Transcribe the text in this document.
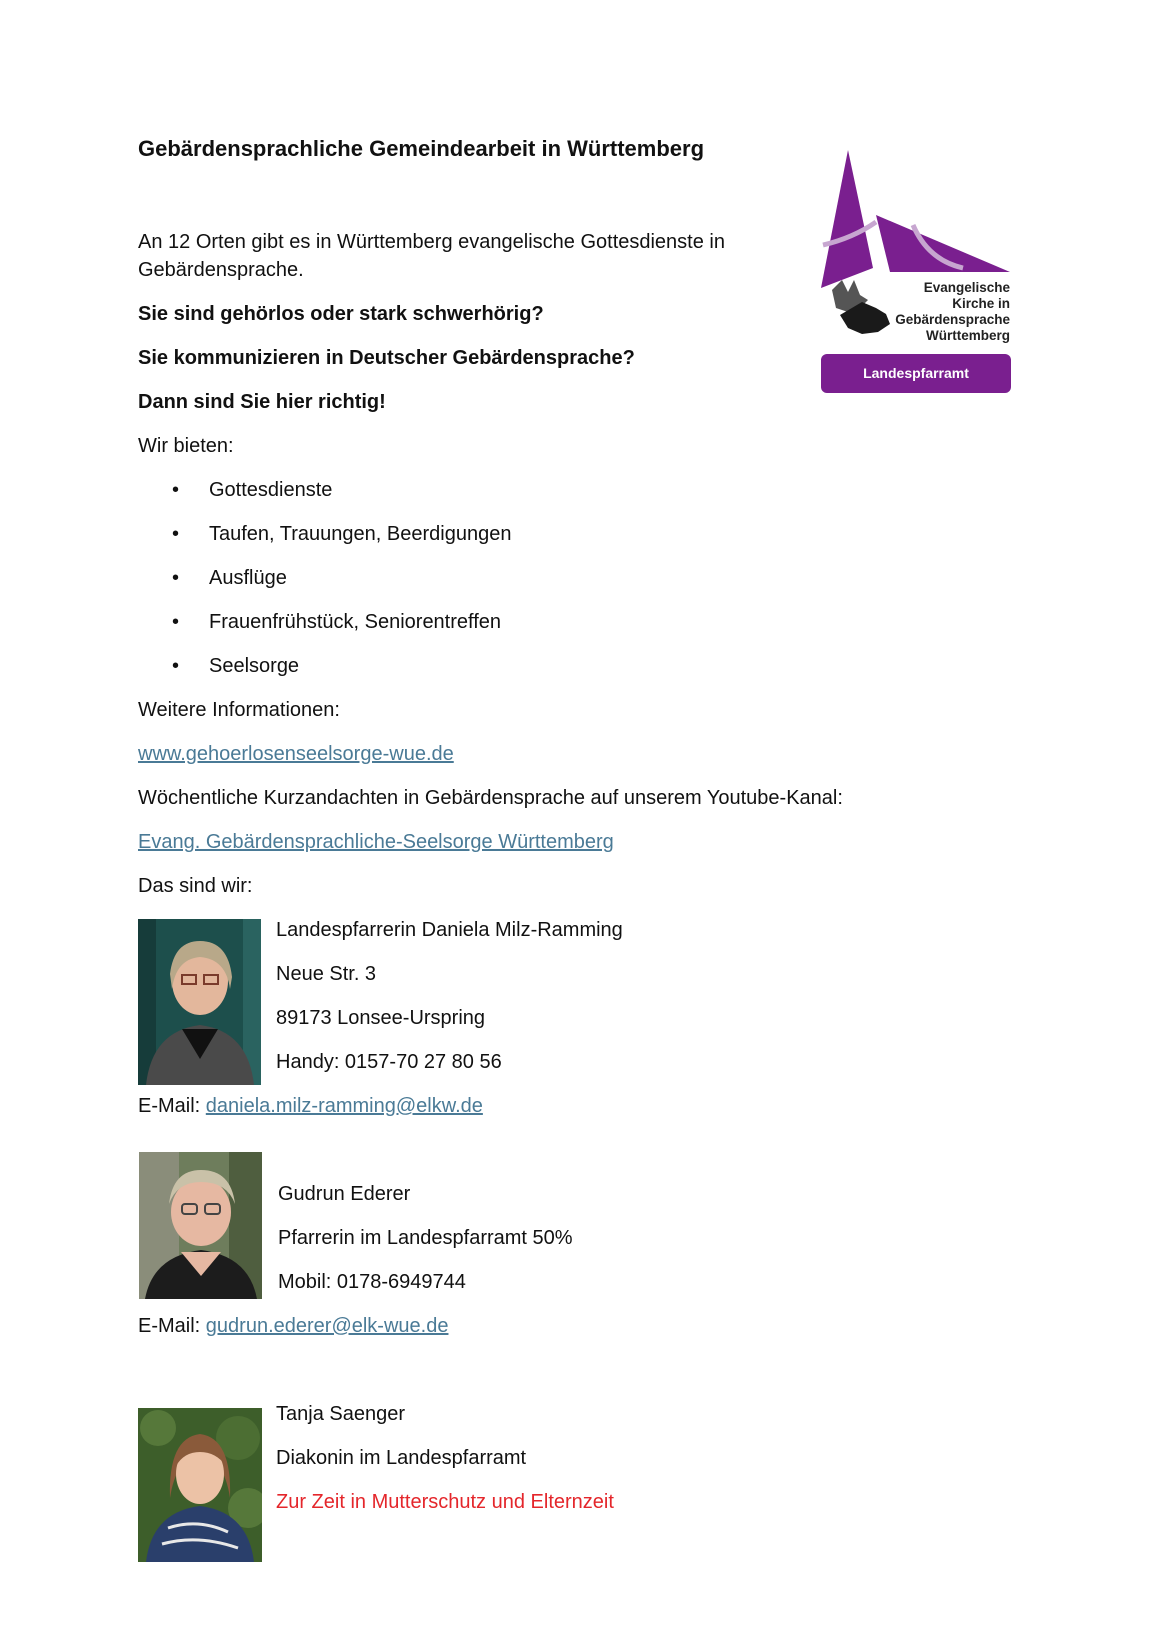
Gebärdensprachliche Gemeindearbeit in Württemberg
Evangelische
Kirche in
Gebärdensprache
Württemberg
Landespfarramt
An 12 Orten gibt es in Württemberg evangelische Gottesdienste in
Gebärdensprache.
Sie sind gehörlos oder stark schwerhörig?
Sie kommunizieren in Deutscher Gebärdensprache?
Dann sind Sie hier richtig!
Wir bieten:
• Gottesdienste
• Taufen, Trauungen, Beerdigungen
• Ausflüge
• Frauenfrühstück, Seniorentreffen
• Seelsorge
Weitere Informationen:
www.gehoerlosenseelsorge-wue.de
Wöchentliche Kurzandachten in Gebärdensprache auf unserem Youtube-Kanal:
Evang. Gebärdensprachliche-Seelsorge Württemberg
Das sind wir:
Landespfarrerin Daniela Milz-Ramming
Neue Str. 3
89173 Lonsee-Urspring
Handy: 0157-70 27 80 56
E-Mail: daniela.milz-ramming@elkw.de
Gudrun Ederer
Pfarrerin im Landespfarramt 50%
Mobil: 0178-6949744
E-Mail: gudrun.ederer@elk-wue.de
Tanja Saenger
Diakonin im Landespfarramt
Zur Zeit in Mutterschutz und Elternzeit
